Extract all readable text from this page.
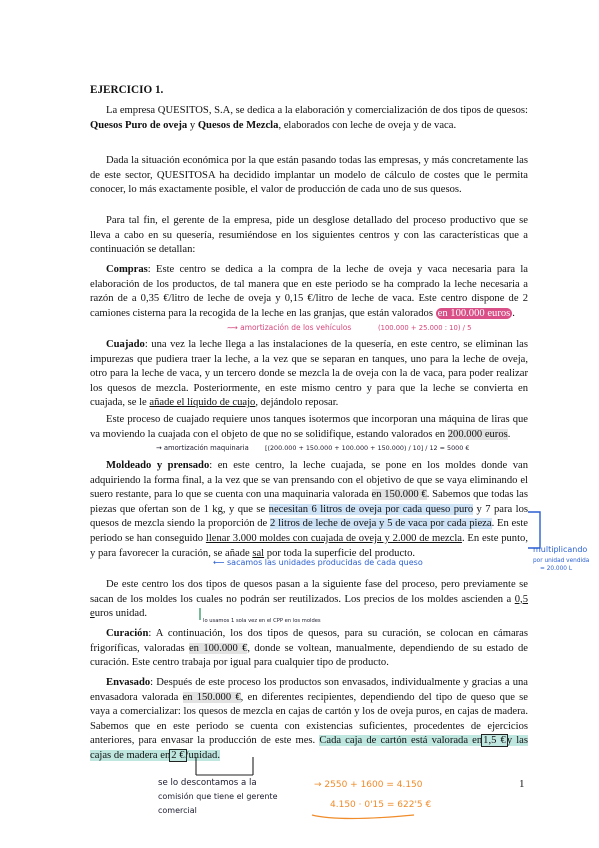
EJERCICIO 1.
La empresa QUESITOS, S.A, se dedica a la elaboración y comercialización de dos tipos de quesos: Quesos Puro de oveja y Quesos de Mezcla, elaborados con leche de oveja y de vaca.
Dada la situación económica por la que están pasando todas las empresas, y más concretamente las de este sector, QUESITOSA ha decidido implantar un modelo de cálculo de costes que le permita conocer, lo más exactamente posible, el valor de producción de cada uno de sus quesos.
Para tal fin, el gerente de la empresa, pide un desglose detallado del proceso productivo que se lleva a cabo en su quesería, resumiéndose en los siguientes centros y con las características que a continuación se detallan:
Compras: Este centro se dedica a la compra de la leche de oveja y vaca necesaria para la elaboración de los productos, de tal manera que en este periodo se ha comprado la leche necesaria a razón de a 0,35 €/litro de leche de oveja y 0,15 €/litro de leche de vaca. Este centro dispone de 2 camiones cisterna para la recogida de la leche en las granjas, que están valorados en 100.000 euros .
Cuajado: una vez la leche llega a las instalaciones de la quesería, en este centro, se eliminan las impurezas que pudiera traer la leche, a la vez que se separan en tanques, uno para la leche de oveja, otro para la leche de vaca, y un tercero donde se mezcla la de oveja con la de vaca, para poder realizar los quesos de mezcla. Posteriormente, en este mismo centro y para que la leche se convierta en cuajada, se le añade el líquido de cuajo, dejándolo reposar.
Este proceso de cuajado requiere unos tanques isotermos que incorporan una máquina de liras que va moviendo la cuajada con el objeto de que no se solidifique, estando valorados en 200.000 euros.
Moldeado y prensado: en este centro, la leche cuajada, se pone en los moldes donde van adquiriendo la forma final, a la vez que se van prensando con el objetivo de que se vaya eliminando el suero restante, para lo que se cuenta con una maquinaria valorada en 150.000 €. Sabemos que todas las piezas que ofertan son de 1 kg, y que se necesitan 6 litros de oveja por cada queso puro y 7 para los quesos de mezcla siendo la proporción de 2 litros de leche de oveja y 5 de vaca por cada pieza. En este periodo se han conseguido llenar 3.000 moldes con cuajada de oveja y 2.000 de mezcla. En este punto, y para favorecer la curación, se añade sal por toda la superficie del producto.
De este centro los dos tipos de quesos pasan a la siguiente fase del proceso, pero previamente se sacan de los moldes los cuales no podrán ser reutilizados. Los precios de los moldes ascienden a 0,5 euros unidad.
Curación: A continuación, los dos tipos de quesos, para su curación, se colocan en cámaras frigoríficas, valoradas en 100.000 €, donde se voltean, manualmente, dependiendo de su estado de curación. Este centro trabaja por igual para cualquier tipo de producto.
Envasado: Después de este proceso los productos son envasados, individualmente y gracias a una envasadora valorada en 150.000 €, en diferentes recipientes, dependiendo del tipo de queso que se vaya a comercializar: los quesos de mezcla en cajas de cartón y los de oveja puros, en cajas de madera. Sabemos que en este periodo se cuenta con existencias suficientes, procedentes de ejercicios anteriores, para envasar la producción de este mes. Cada caja de cartón está valorada en1,5 €y las cajas de madera en2 €/unidad.
1
⟿ amortización de los vehículos	(100.000 + 25.000 : 10) / 5
→ amortización maquinaria	[(200.000 + 150.000 + 100.000 + 150.000) / 10] / 12 = 5000 €
⟵ sacamos las unidades producidas de cada queso
multiplicando
por unidad vendida
= 20.000 L
lo usamos 1 sola vez en el CPP en los moldes
se lo descontamos a la
comisión que tiene el gerente
comercial
→ 2550 + 1600 = 4.150
4.150 · 0'15 = 622'5 €
